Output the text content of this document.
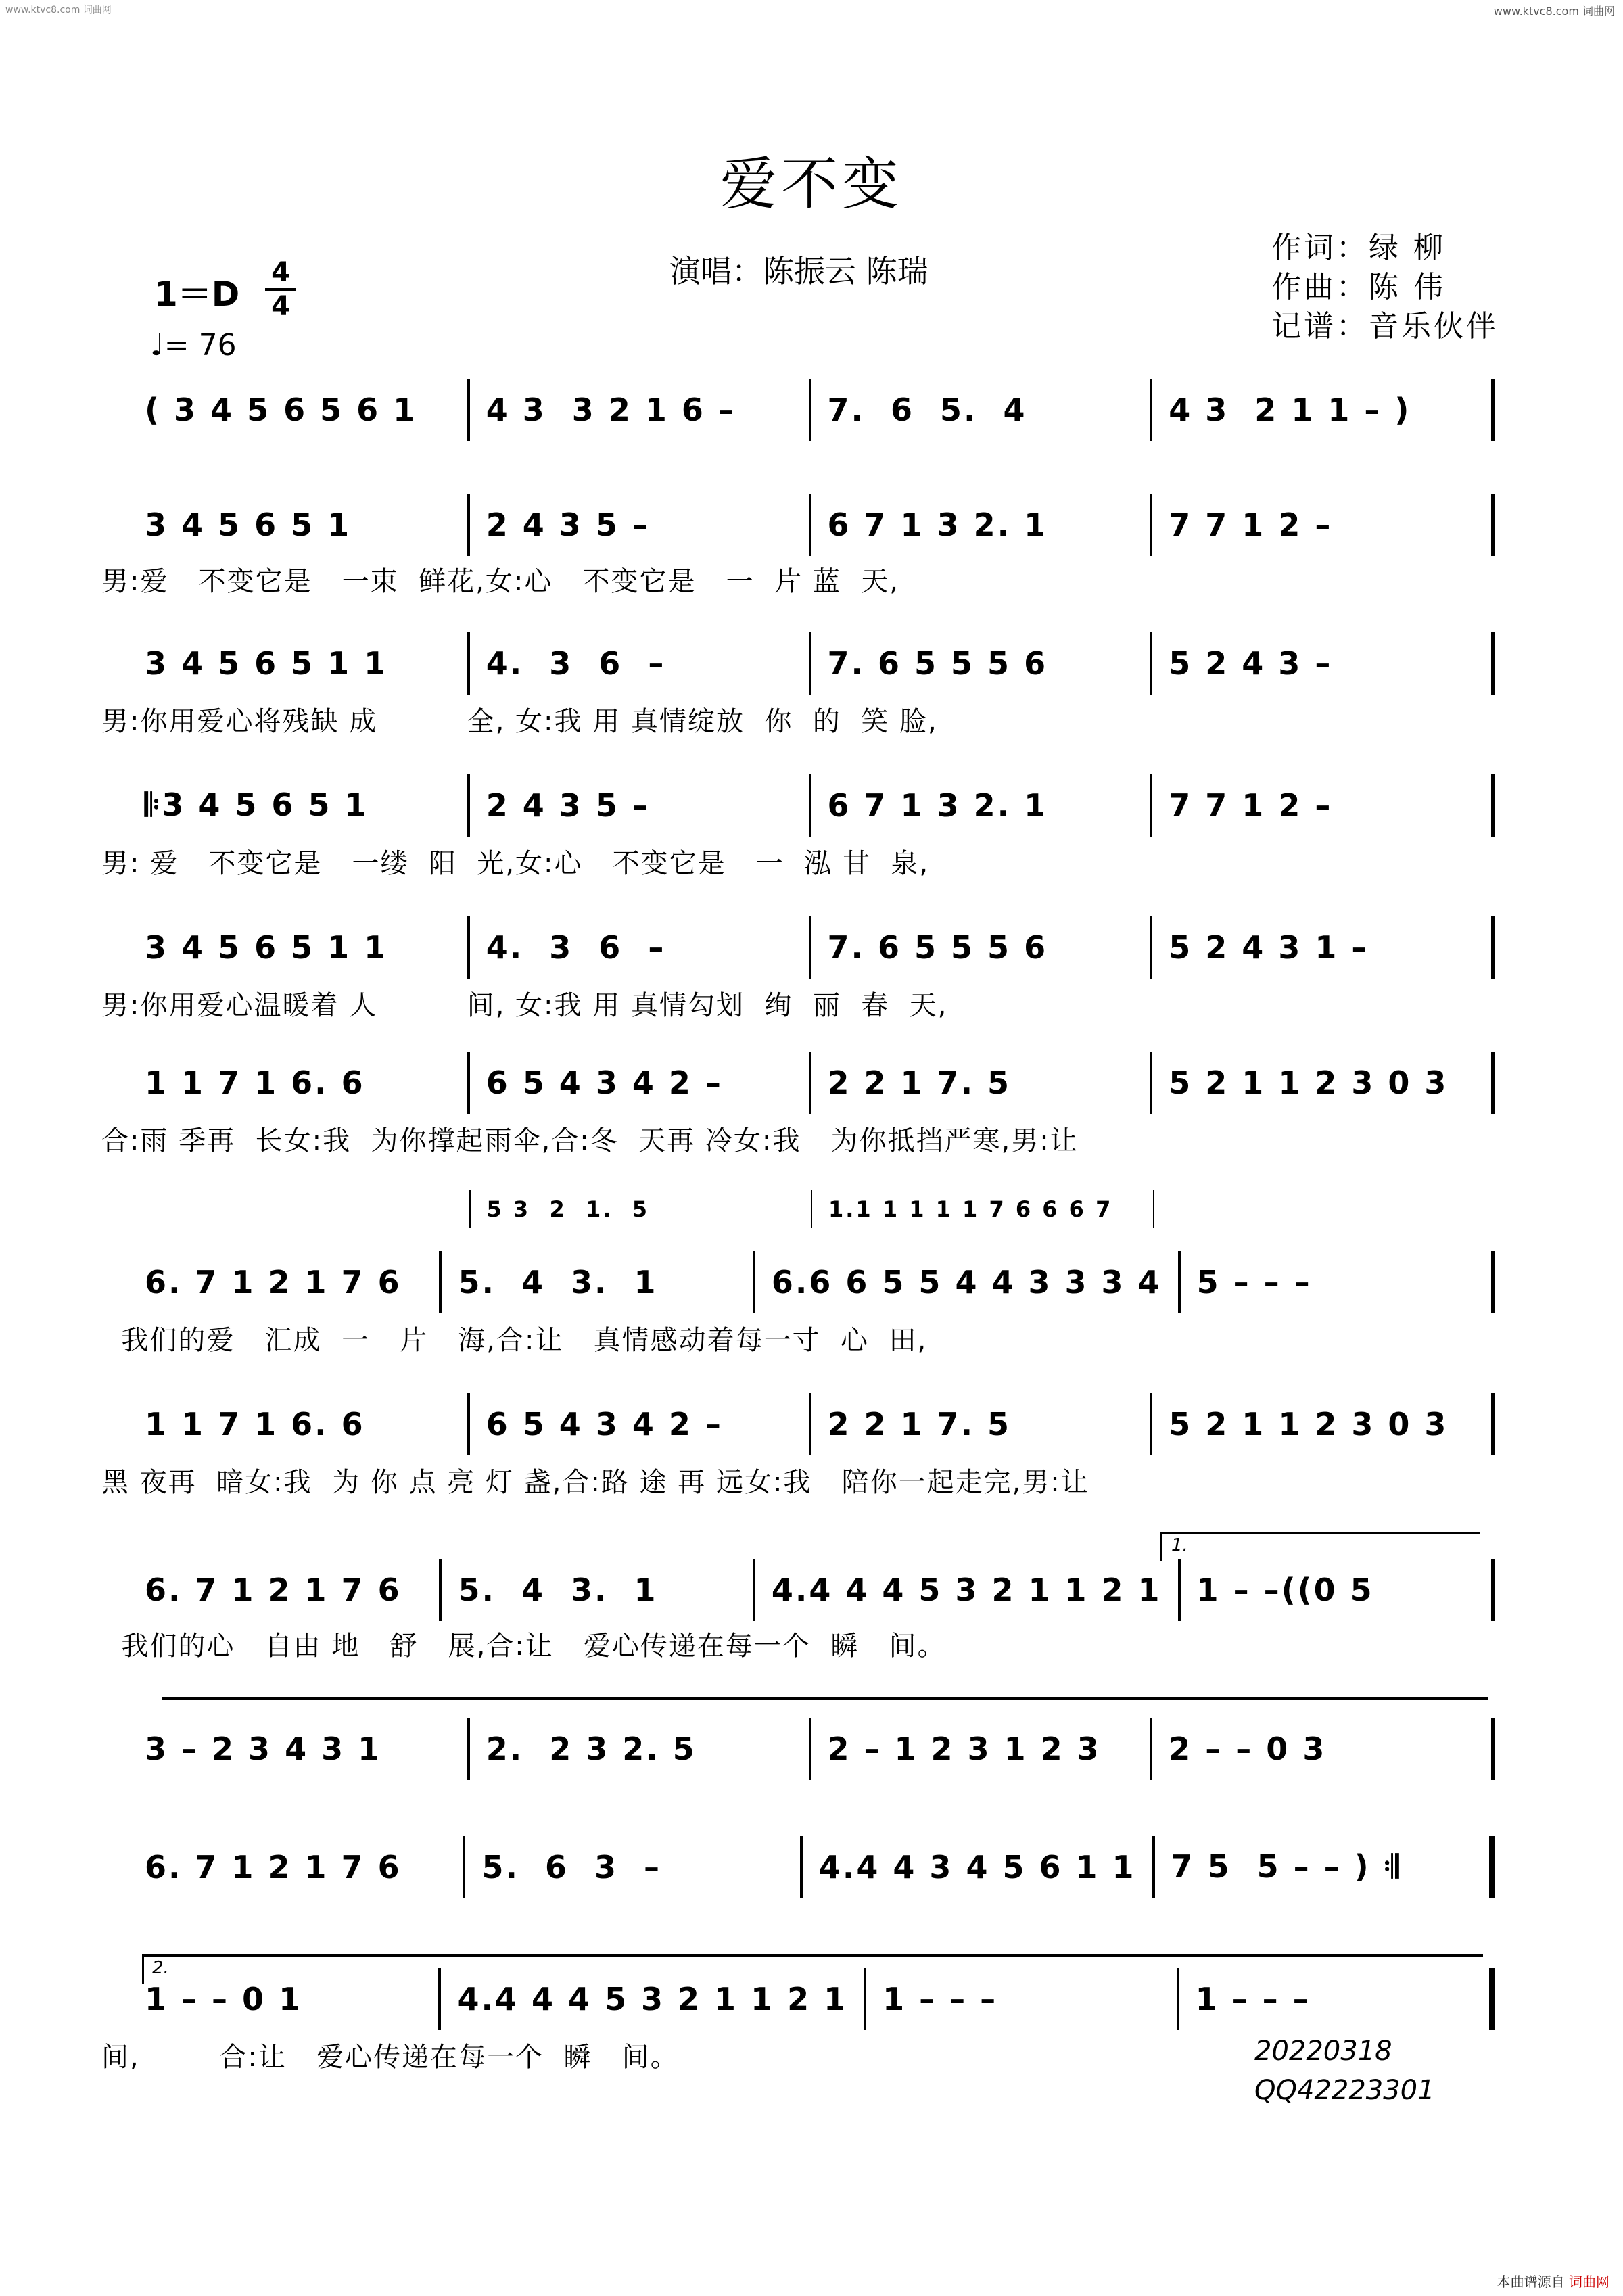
www.ktvc8.com 词曲网	www.ktvc8.com 词曲网
爱不变
演唱：陈振云 陈瑞
作词：绿 柳
作曲：陈 伟
记谱：音乐伙伴
1＝D
4
4
♩= 76
( 3 4 5 6 5 6 1	4 3  3 2 1 6 –	7.  6  5.  4	4 3  2 1 1 – )
3 4 5 6 5 1	2 4 3 5 –	6 7 1 3 2. 1	7 7 1 2 –
男:爱   不变它是   一束  鲜花,女:心   不变它是   一  片 蓝  天,
3 4 5 6 5 1 1	4.  3  6  –	7. 6 5 5 5 6	5 2 4 3 –
男:你用爱心将残缺 成         全, 女:我 用 真情绽放  你  的  笑 脸,
𝄆3 4 5 6 5 1	2 4 3 5 –	6 7 1 3 2. 1	7 7 1 2 –
男: 爱   不变它是   一缕  阳  光,女:心   不变它是   一  泓 甘  泉,
3 4 5 6 5 1 1	4.  3  6  –	7. 6 5 5 5 6	5 2 4 3 1 –
男:你用爱心温暖着 人         间, 女:我 用 真情勾划  绚  丽  春  天,
1 1 7 1 6. 6	6 5 4 3 4 2 –	2 2 1 7. 5	5 2 1 1 2 3 0 3
合:雨 季再  长女:我  为你撑起雨伞,合:冬  天再 冷女:我   为你抵挡严寒,男:让
5 3  2  1.  5	1.1 1 1 1 1 7 6 6 6 7
6. 7 1 2 1 7 6	5.  4  3.  1	6.6 6 5 5 4 4 3 3 3 4	5 – – –
我们的爱   汇成  一   片   海,合:让   真情感动着每一寸  心  田,
1 1 7 1 6. 6	6 5 4 3 4 2 –	2 2 1 7. 5	5 2 1 1 2 3 0 3
黑 夜再  暗女:我  为 你 点 亮 灯 盏,合:路 途 再 远女:我   陪你一起走完,男:让
1.
6. 7 1 2 1 7 6	5.  4  3.  1	4.4 4 4 5 3 2 1 1 2 1	1 – –((0 5
我们的心   自由 地   舒   展,合:让   爱心传递在每一个  瞬   间。
3 – 2 3 4 3 1	2.  2 3 2. 5	2 – 1 2 3 1 2 3	2 – – 0 3
6. 7 1 2 1 7 6	5.  6  3  –	4.4 4 3 4 5 6 1 1	7 5  5 – – ) 𝄇
2.
1 – – 0 1	4.4 4 4 5 3 2 1 1 2 1	1 – – –	1 – – –
间,        合:让   爱心传递在每一个  瞬   间。	20220318
QQ42223301
本曲谱源自 词曲网
